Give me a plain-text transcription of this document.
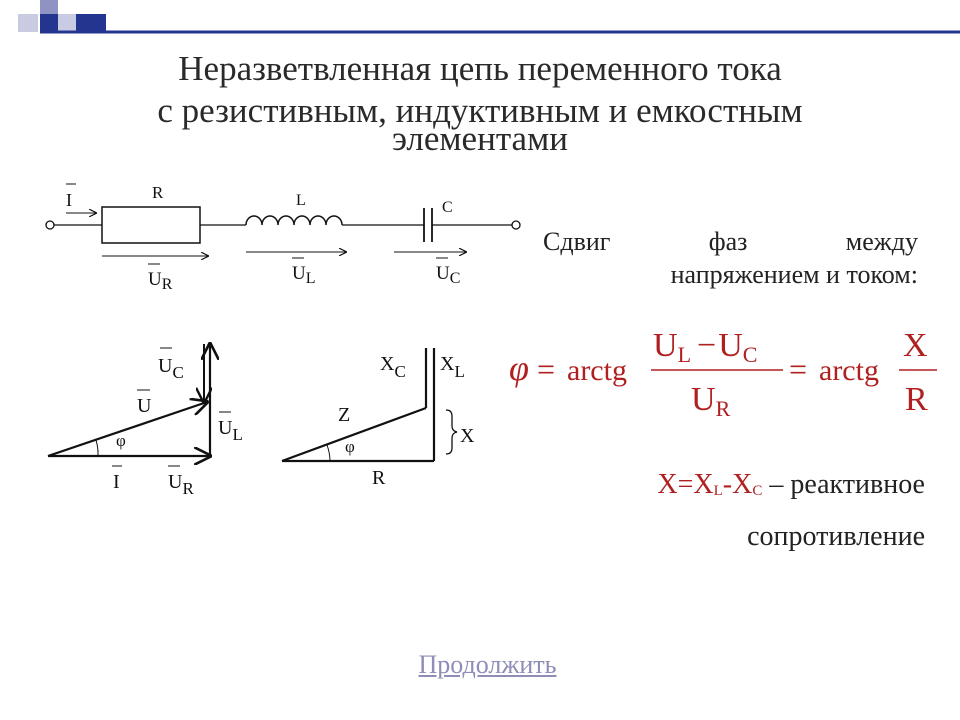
Неразветвленная цепь переменного тока
с резистивным, индуктивным и емкостным
элементами
I	R	L	C
$U_R$
$U_L$	$U_C$
$U_C$
U
φ
$U_L$
I $U_R$
$X_C$ $X_L$
Z
φ	X
R
Сдвиг	фаз	между
напряжением и током:
φ = arctg
UL −UC
UR
= arctg
X
R
$X=X_L-X_C$ – реактивное
сопротивление
Продолжить
